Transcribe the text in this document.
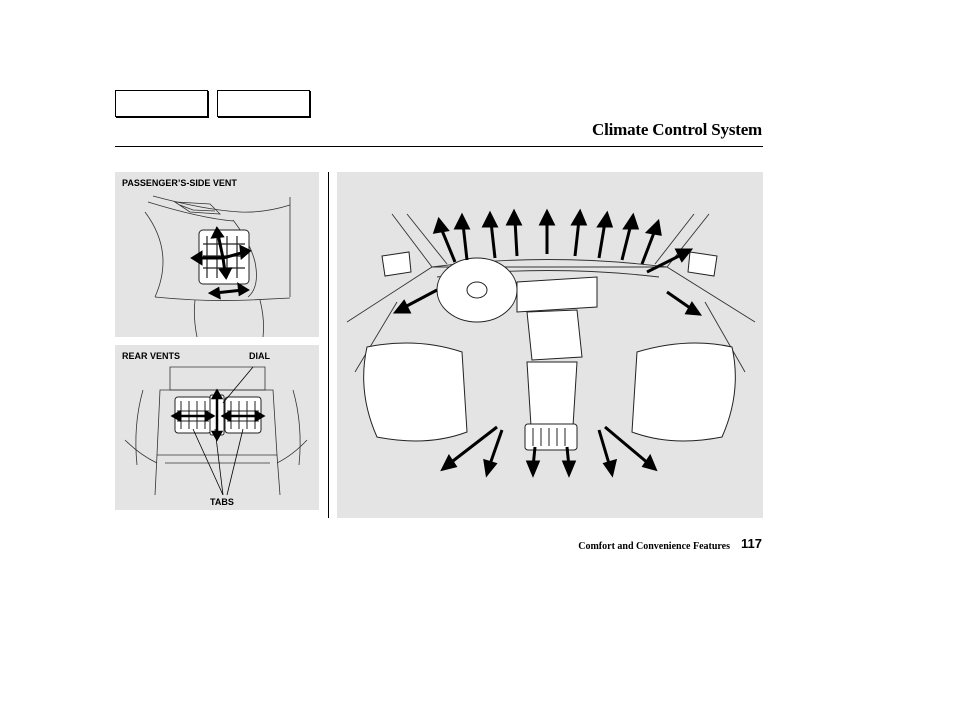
Climate Control System
PASSENGER’S-SIDE VENT
REAR VENTS	DIAL
TABS
Comfort and Convenience Features 117
